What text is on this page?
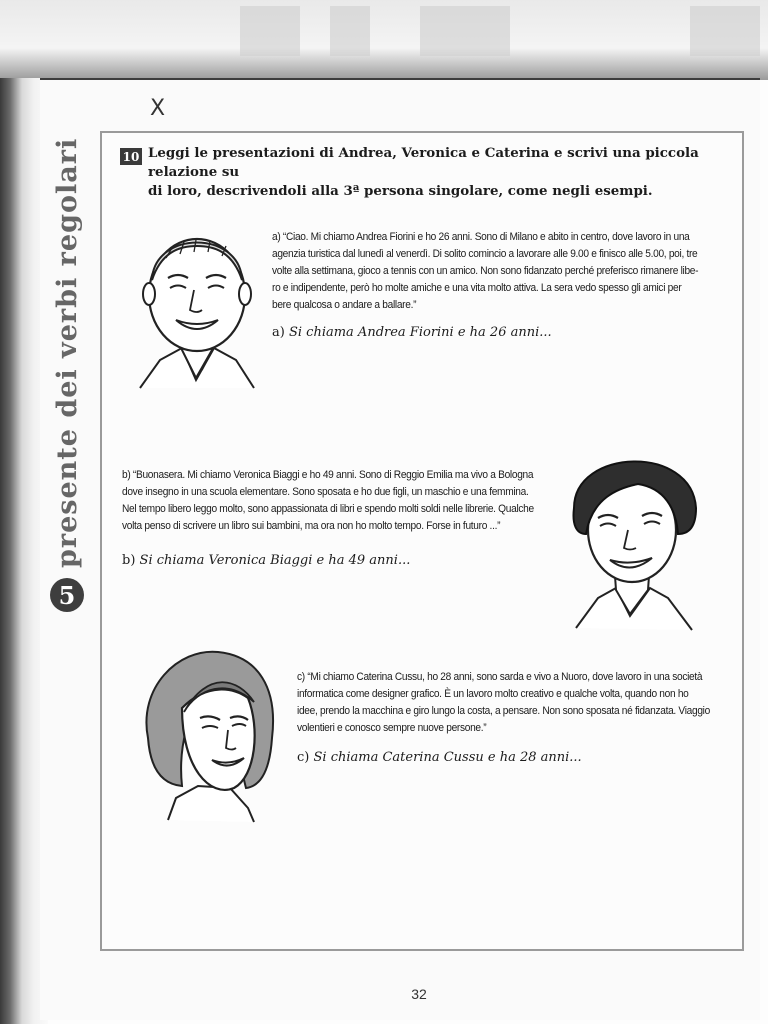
X
5
presente dei verbi regolari	10 Leggi le presentazioni di Andrea, Veronica e Caterina e scrivi una piccola relazione su
di loro, descrivendoli alla 3ª persona singolare, come negli esempi.
a) “Ciao. Mi chiamo Andrea Fiorini e ho 26 anni. Sono di Milano e abito in centro, dove lavoro in una
agenzia turistica dal lunedì al venerdì. Di solito comincio a lavorare alle 9.00 e finisco alle 5.00, poi, tre
volte alla settimana, gioco a tennis con un amico. Non sono fidanzato perché preferisco rimanere libe-
ro e indipendente, però ho molte amiche e una vita molto attiva. La sera vedo spesso gli amici per
bere qualcosa o andare a ballare.”
a) Si chiama Andrea Fiorini e ha 26 anni...
b) “Buonasera. Mi chiamo Veronica Biaggi e ho 49 anni. Sono di Reggio Emilia ma vivo a Bologna
dove insegno in una scuola elementare. Sono sposata e ho due figli, un maschio e una femmina.
Nel tempo libero leggo molto, sono appassionata di libri e spendo molti soldi nelle librerie. Qualche
volta penso di scrivere un libro sui bambini, ma ora non ho molto tempo. Forse in futuro ...”
b) Si chiama Veronica Biaggi e ha 49 anni...
c) “Mi chiamo Caterina Cussu, ho 28 anni, sono sarda e vivo a Nuoro, dove lavoro in una società
informatica come designer grafico. È un lavoro molto creativo e qualche volta, quando non ho
idee, prendo la macchina e giro lungo la costa, a pensare. Non sono sposata né fidanzata. Viaggio
volentieri e conosco sempre nuove persone.”
c) Si chiama Caterina Cussu e ha 28 anni...
32
